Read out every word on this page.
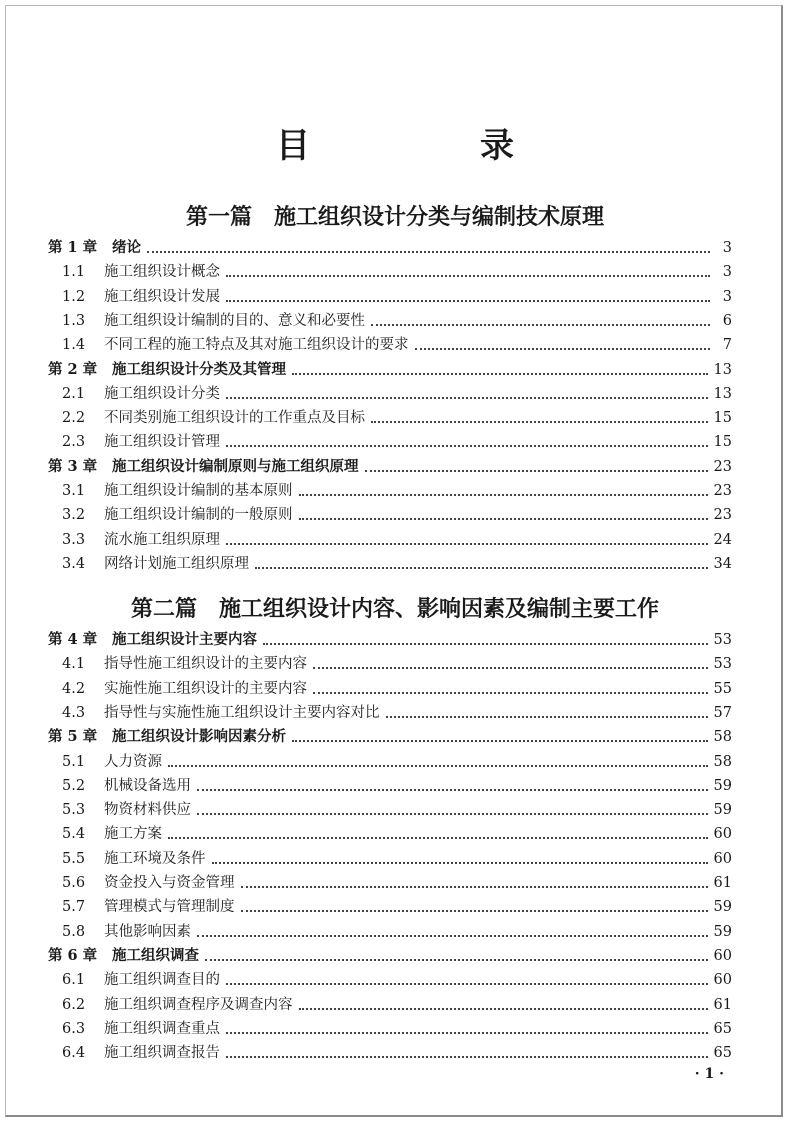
目　录
第一篇 施工组织设计分类与编制技术原理
第二篇 施工组织设计内容、影响因素及编制主要工作
第 1 章	绪论	3
1.1	施工组织设计概念	3
1.2	施工组织设计发展	3
1.3	施工组织设计编制的目的、意义和必要性	6
1.4	不同工程的施工特点及其对施工组织设计的要求	7
第 2 章	施工组织设计分类及其管理	13
2.1	施工组织设计分类	13
2.2	不同类别施工组织设计的工作重点及目标	15
2.3	施工组织设计管理	15
第 3 章	施工组织设计编制原则与施工组织原理	23
3.1	施工组织设计编制的基本原则	23
3.2	施工组织设计编制的一般原则	23
3.3	流水施工组织原理	24
3.4	网络计划施工组织原理	34
第 4 章	施工组织设计主要内容	53
4.1	指导性施工组织设计的主要内容	53
4.2	实施性施工组织设计的主要内容	55
4.3	指导性与实施性施工组织设计主要内容对比	57
第 5 章	施工组织设计影响因素分析	58
5.1	人力资源	58
5.2	机械设备选用	59
5.3	物资材料供应	59
5.4	施工方案	60
5.5	施工环境及条件	60
5.6	资金投入与资金管理	61
5.7	管理模式与管理制度	59
5.8	其他影响因素	59
第 6 章	施工组织调查	60
6.1	施工组织调查目的	60
6.2	施工组织调查程序及调查内容	61
6.3	施工组织调查重点	65
6.4	施工组织调查报告	65
· 1 ·
